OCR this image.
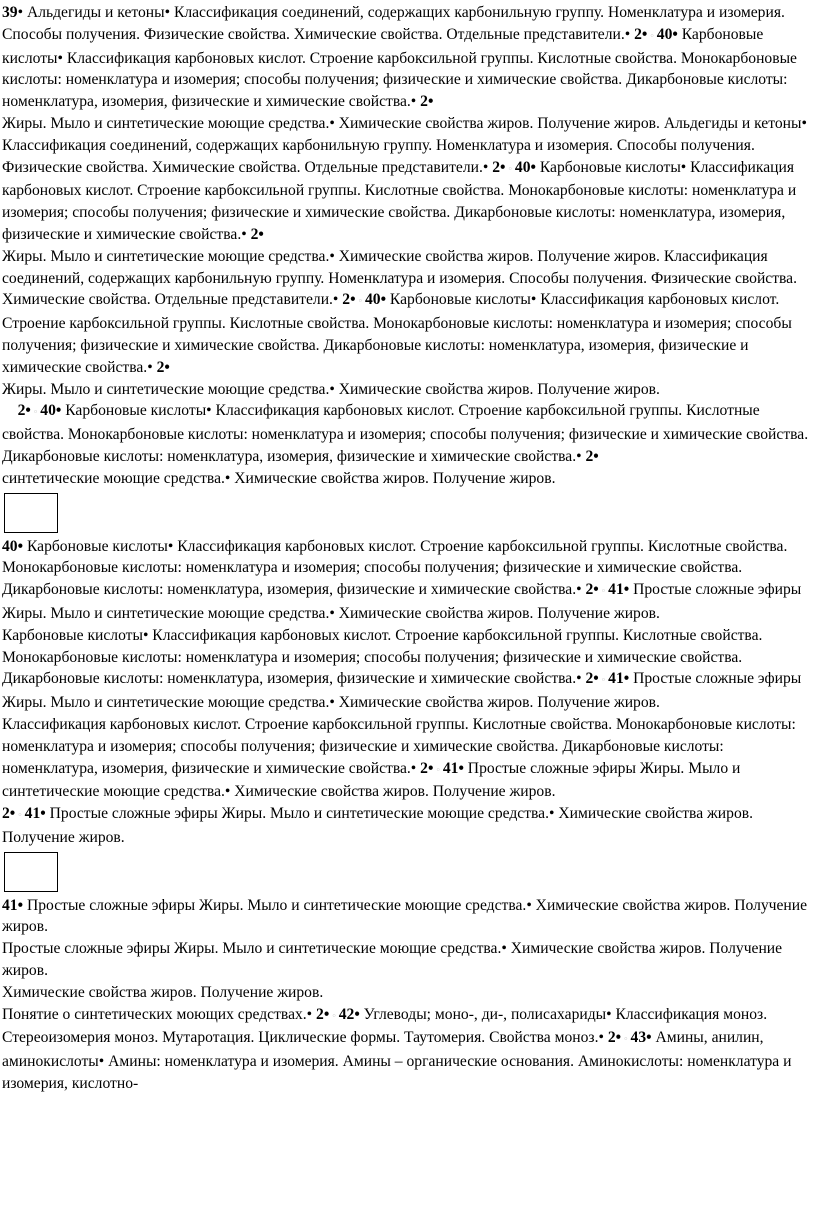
39• Альдегиды и кетоны• Классификация соединений, содержащих карбонильную группу. Номенклатура и изомерия. Способы получения. Физические свойства. Химические свойства. Отдельные представители.• 2• ◦ 40• Карбоновые кислоты• Классификация карбоновых кислот. Строение карбоксильной группы. Кислотные свойства. Монокарбоновые кислоты: номенклатура и изомерия; способы получения; физические и химические свойства. Дикарбоновые кислоты: номенклатура, изомерия, физические и химические свойства.• 2•

Жиры. Мыло и синтетические моющие средства.• Химические свойства жиров. Получение жиров. Альдегиды и кетоны• Классификация соединений, содержащих карбонильную группу. Номенклатура и изомерия. Способы получения. Физические свойства. Химические свойства. Отдельные представители.• 2• ◦ 40• Карбоновые кислоты• Классификация карбоновых кислот. Строение карбоксильной группы. Кислотные свойства. Монокарбоновые кислоты: номенклатура и изомерия; способы получения; физические и химические свойства. Дикарбоновые кислоты: номенклатура, изомерия, физические и химические свойства.• 2•

Жиры. Мыло и синтетические моющие средства.• Химические свойства жиров. Получение жиров. Классификация соединений, содержащих карбонильную группу. Номенклатура и изомерия. Способы получения. Физические свойства. Химические свойства. Отдельные представители.• 2• ◦ 40• Карбоновые кислоты• Классификация карбоновых кислот. Строение карбоксильной группы. Кислотные свойства. Монокарбоновые кислоты: номенклатура и изомерия; способы получения; физические и химические свойства. Дикарбоновые кислоты: номенклатура, изомерия, физические и химические свойства.• 2•

Жиры. Мыло и синтетические моющие средства.• Химические свойства жиров. Получение жиров.

2• ◦ 40• Карбоновые кислоты• Классификация карбоновых кислот. Строение карбоксильной группы. Кислотные свойства. Монокарбоновые кислоты: номенклатура и изомерия; способы получения; физические и химические свойства. Дикарбоновые кислоты: номенклатура, изомерия, физические и химические свойства.• 2•

синтетические моющие средства.• Химические свойства жиров. Получение жиров.

40• Карбоновые кислоты• Классификация карбоновых кислот. Строение карбоксильной группы. Кислотные свойства. Монокарбоновые кислоты: номенклатура и изомерия; способы получения; физические и химические свойства. Дикарбоновые кислоты: номенклатура, изомерия, физические и химические свойства.• 2• ◦ 41• Простые сложные эфиры Жиры. Мыло и синтетические моющие средства.• Химические свойства жиров. Получение жиров.

Карбоновые кислоты• Классификация карбоновых кислот. Строение карбоксильной группы. Кислотные свойства. Монокарбоновые кислоты: номенклатура и изомерия; способы получения; физические и химические свойства. Дикарбоновые кислоты: номенклатура, изомерия, физические и химические свойства.• 2• ◦ 41• Простые сложные эфиры Жиры. Мыло и синтетические моющие средства.• Химические свойства жиров. Получение жиров.

Классификация карбоновых кислот. Строение карбоксильной группы. Кислотные свойства. Монокарбоновые кислоты: номенклатура и изомерия; способы получения; физические и химические свойства. Дикарбоновые кислоты: номенклатура, изомерия, физические и химические свойства.• 2• ◦ 41• Простые сложные эфиры Жиры. Мыло и синтетические моющие средства.• Химические свойства жиров. Получение жиров.

2• ◦ 41• Простые сложные эфиры Жиры. Мыло и синтетические моющие средства.• Химические свойства жиров. Получение жиров.

41• Простые сложные эфиры Жиры. Мыло и синтетические моющие средства.• Химические свойства жиров. Получение жиров.

Простые сложные эфиры Жиры. Мыло и синтетические моющие средства.• Химические свойства жиров. Получение жиров.

Химические свойства жиров. Получение жиров.

Понятие о синтетических моющих средствах.• 2• ◦ 42• Углеводы; моно-, ди-, полисахариды• Классификация моноз. Стереоизомерия моноз. Мутаротация. Циклические формы. Таутомерия. Свойства моноз.• 2• ◦ 43• Амины, анилин, аминокислоты• Амины: номенклатура и изомерия. Амины – органические основания. Аминокислоты: номенклатура и изомерия, кислотно-
